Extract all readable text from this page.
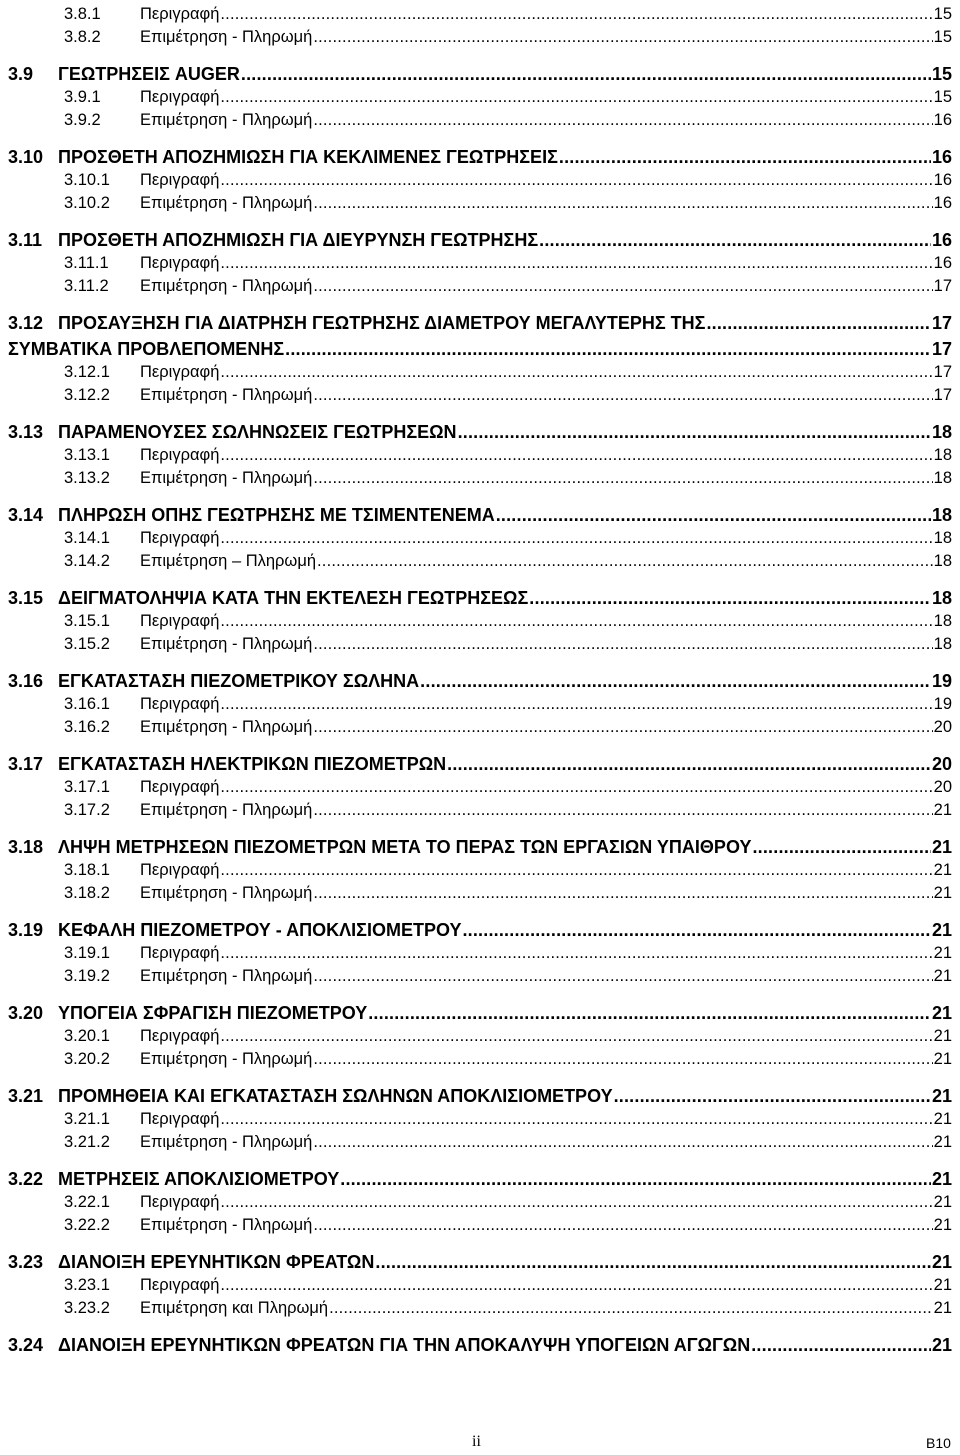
3.8.1	Περιγραφή .....	15
3.8.2	Επιμέτρηση - Πληρωμή .....	15
3.9	ΓΕΩΤΡΗΣΕΙΣ AUGER .....	15
3.9.1	Περιγραφή .....	15
3.9.2	Επιμέτρηση - Πληρωμή .....	16
3.10 ΠΡΟΣΘΕΤΗ ΑΠΟΖΗΜΙΩΣΗ ΓΙΑ ΚΕΚΛΙΜΕΝΕΣ ΓΕΩΤΡΗΣΕΙΣ .....	16
3.10.1	Περιγραφή .....	16
3.10.2	Επιμέτρηση - Πληρωμή .....	16
3.11 ΠΡΟΣΘΕΤΗ ΑΠΟΖΗΜΙΩΣΗ ΓΙΑ ΔΙΕΥΡΥΝΣΗ ΓΕΩΤΡΗΣΗΣ .....	16
3.11.1	Περιγραφή .....	16
3.11.2	Επιμέτρηση - Πληρωμή .....	17
3.12 ΠΡΟΣΑΥΞΗΣΗ ΓΙΑ ΔΙΑΤΡΗΣΗ ΓΕΩΤΡΗΣΗΣ ΔΙΑΜΕΤΡΟΥ ΜΕΓΑΛΥΤΕΡΗΣ ΤΗΣ .....	17
ΣΥΜΒΑΤΙΚΑ ΠΡΟΒΛΕΠΟΜΕΝΗΣ .....	17
3.12.1	Περιγραφή .....	17
3.12.2	Επιμέτρηση - Πληρωμή .....	17
3.13 ΠΑΡΑΜΕΝΟΥΣΕΣ ΣΩΛΗΝΩΣΕΙΣ ΓΕΩΤΡΗΣΕΩΝ .....	18
3.13.1	Περιγραφή .....	18
3.13.2	Επιμέτρηση - Πληρωμή .....	18
3.14 ΠΛΗΡΩΣΗ ΟΠΗΣ ΓΕΩΤΡΗΣΗΣ ΜΕ ΤΣΙΜΕΝΤΕΝΕΜΑ .....	18
3.14.1	Περιγραφή .....	18
3.14.2	Επιμέτρηση – Πληρωμή .....	18
3.15 ΔΕΙΓΜΑΤΟΛΗΨΙΑ ΚΑΤΑ ΤΗΝ ΕΚΤΕΛΕΣΗ ΓΕΩΤΡΗΣΕΩΣ .....	18
3.15.1	Περιγραφή .....	18
3.15.2	Επιμέτρηση - Πληρωμή .....	18
3.16 ΕΓΚΑΤΑΣΤΑΣΗ ΠΙΕΖΟΜΕΤΡΙΚΟΥ ΣΩΛΗΝΑ .....	19
3.16.1	Περιγραφή .....	19
3.16.2	Επιμέτρηση - Πληρωμή .....	20
3.17 ΕΓΚΑΤΑΣΤΑΣΗ ΗΛΕΚΤΡΙΚΩΝ ΠΙΕΖΟΜΕΤΡΩΝ .....	20
3.17.1	Περιγραφή .....	20
3.17.2	Επιμέτρηση - Πληρωμή .....	21
3.18 ΛΗΨΗ ΜΕΤΡΗΣΕΩΝ ΠΙΕΖΟΜΕΤΡΩΝ ΜΕΤΑ ΤΟ ΠΕΡΑΣ ΤΩΝ ΕΡΓΑΣΙΩΝ ΥΠΑΙΘΡΟΥ .....	21
3.18.1	Περιγραφή .....	21
3.18.2	Επιμέτρηση - Πληρωμή .....	21
3.19 ΚΕΦΑΛΗ ΠΙΕΖΟΜΕΤΡΟΥ - ΑΠΟΚΛΙΣΙΟΜΕΤΡΟΥ .....	21
3.19.1	Περιγραφή .....	21
3.19.2	Επιμέτρηση - Πληρωμή .....	21
3.20 ΥΠΟΓΕΙΑ ΣΦΡΑΓΙΣΗ ΠΙΕΖΟΜΕΤΡΟΥ .....	21
3.20.1	Περιγραφή .....	21
3.20.2	Επιμέτρηση - Πληρωμή .....	21
3.21 ΠΡΟΜΗΘΕΙΑ ΚΑΙ ΕΓΚΑΤΑΣΤΑΣΗ ΣΩΛΗΝΩΝ ΑΠΟΚΛΙΣΙΟΜΕΤΡΟΥ .....	21
3.21.1	Περιγραφή .....	21
3.21.2	Επιμέτρηση - Πληρωμή .....	21
3.22 ΜΕΤΡΗΣΕΙΣ ΑΠΟΚΛΙΣΙΟΜΕΤΡΟΥ .....	21
3.22.1	Περιγραφή .....	21
3.22.2	Επιμέτρηση - Πληρωμή .....	21
3.23 ΔΙΑΝΟΙΞΗ ΕΡΕΥΝΗΤΙΚΩΝ ΦΡΕΑΤΩΝ .....	21
3.23.1	Περιγραφή .....	21
3.23.2	Επιμέτρηση και Πληρωμή .....	21
3.24 ΔΙΑΝΟΙΞΗ ΕΡΕΥΝΗΤΙΚΩΝ ΦΡΕΑΤΩΝ ΓΙΑ ΤΗΝ ΑΠΟΚΑΛΥΨΗ ΥΠΟΓΕΙΩΝ ΑΓΩΓΩΝ .....	21
ii	B10
